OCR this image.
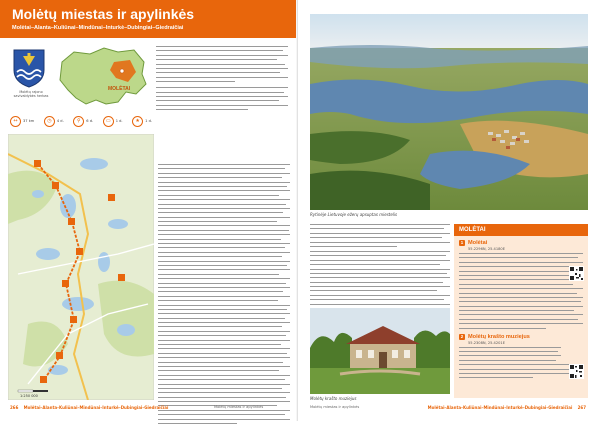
Molėtų miestas ir apylinkės
Molėtai–Alanta–Kuliūnai–Mindūnai–Inturkė–Dubingiai–Giedraičiai
Molėtų rajono savivaldybės herbas
MOLĖTAI
↔	37 km	◷	4 d.	⚲	6 d.	▭	1 d.	★	1 d.
1:250 000
266 Molėtai–Alanta–Kuliūnai–Mindūnai–Inturkė–Dubingiai–Giedraičiai	Molėtų miestas ir apylinkės
Rytinėje Lietuvoje ežerų apsuptas miestelis
Molėtų krašto muziejus
MOLĖTAI
1 Molėtai
55.2296N, 25.4180E
2 Molėtų krašto muziejus
55.2308N, 25.4201E
Molėtų miestas ir apylinkės	Molėtai–Alanta–Kuliūnai–Mindūnai–Inturkė–Dubingiai–Giedraičiai 267
